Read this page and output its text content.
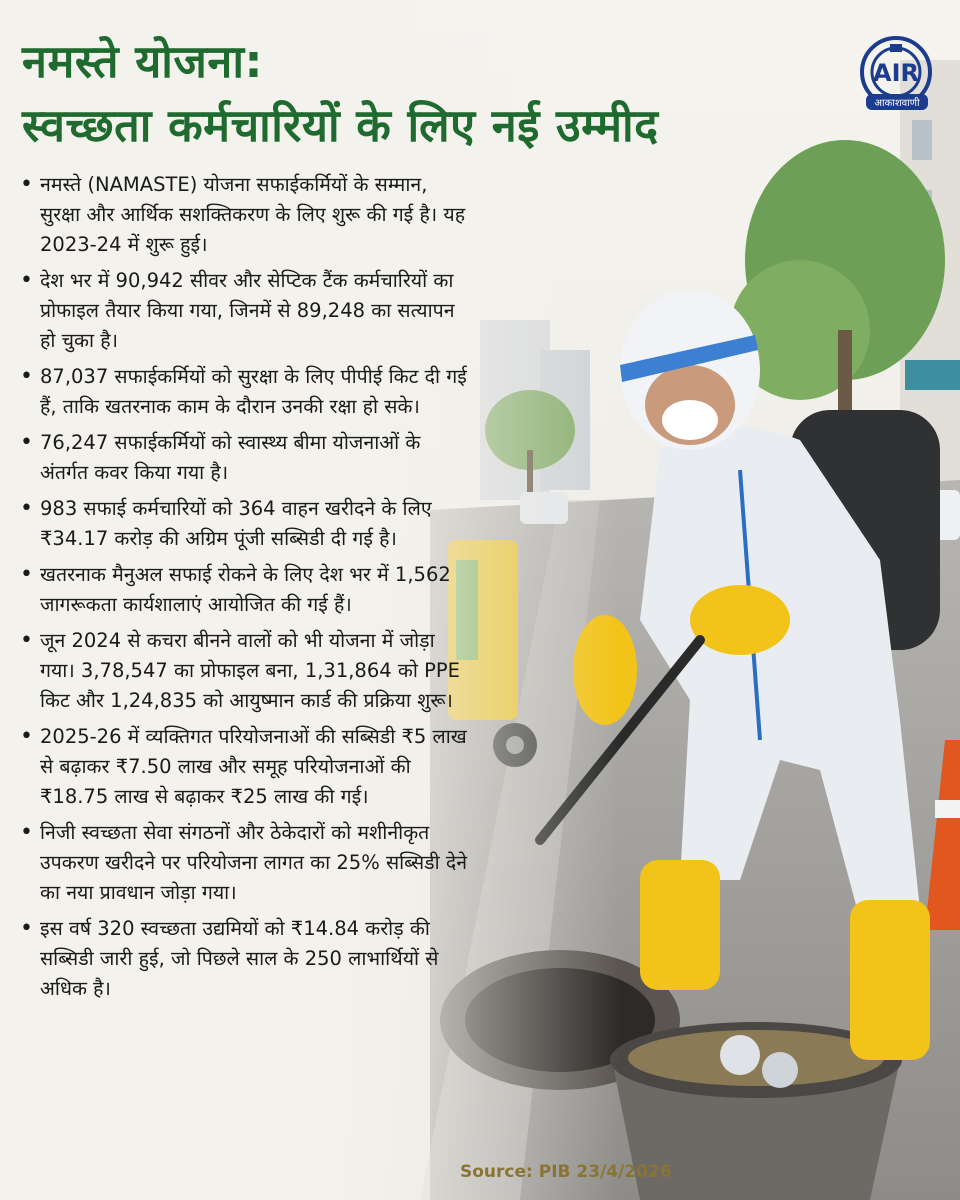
नमस्ते योजना:
स्वच्छता कर्मचारियों के लिए नई उम्मीद
AIR
आकाशवाणी
• नमस्ते (NAMASTE) योजना सफाईकर्मियों के सम्मान, सुरक्षा और आर्थिक सशक्तिकरण के लिए शुरू की गई है। यह 2023-24 में शुरू हुई।
• देश भर में 90,942 सीवर और सेप्टिक टैंक कर्मचारियों का प्रोफाइल तैयार किया गया, जिनमें से 89,248 का सत्यापन हो चुका है।
• 87,037 सफाईकर्मियों को सुरक्षा के लिए पीपीई किट दी गई हैं, ताकि खतरनाक काम के दौरान उनकी रक्षा हो सके।
• 76,247 सफाईकर्मियों को स्वास्थ्य बीमा योजनाओं के अंतर्गत कवर किया गया है।
• 983 सफाई कर्मचारियों को 364 वाहन खरीदने के लिए ₹34.17 करोड़ की अग्रिम पूंजी सब्सिडी दी गई है।
• खतरनाक मैनुअल सफाई रोकने के लिए देश भर में 1,562 जागरूकता कार्यशालाएं आयोजित की गई हैं।
• जून 2024 से कचरा बीनने वालों को भी योजना में जोड़ा गया। 3,78,547 का प्रोफाइल बना, 1,31,864 को PPE किट और 1,24,835 को आयुष्मान कार्ड की प्रक्रिया शुरू।
• 2025-26 में व्यक्तिगत परियोजनाओं की सब्सिडी ₹5 लाख से बढ़ाकर ₹7.50 लाख और समूह परियोजनाओं की ₹18.75 लाख से बढ़ाकर ₹25 लाख की गई।
• निजी स्वच्छता सेवा संगठनों और ठेकेदारों को मशीनीकृत उपकरण खरीदने पर परियोजना लागत का 25% सब्सिडी देने का नया प्रावधान जोड़ा गया।
• इस वर्ष 320 स्वच्छता उद्यमियों को ₹14.84 करोड़ की सब्सिडी जारी हुई, जो पिछले साल के 250 लाभार्थियों से अधिक है।
Source: PIB 23/4/2026
